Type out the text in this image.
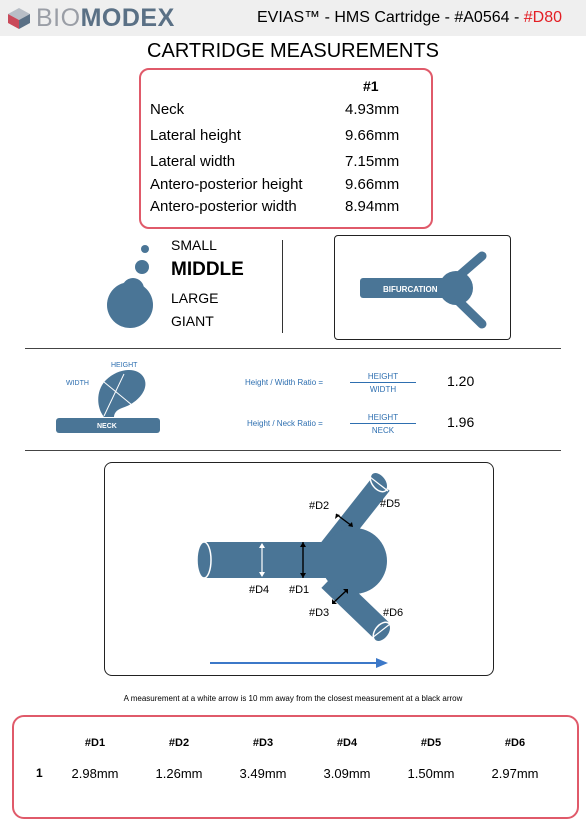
BIOMODEX	EVIAS™ - HMS Cartridge - #A0564 - #D80
CARTRIDGE MEASUREMENTS
#1
Neck	4.93mm
Lateral height	9.66mm
Lateral width	7.15mm
Antero-posterior height	9.66mm
Antero-posterior width	8.94mm
SMALL
MIDDLE
LARGE
GIANT
BIFURCATION
HEIGHT
WIDTH
NECK
Height / Width Ratio =
HEIGHT
WIDTH
1.20
Height / Neck Ratio =
HEIGHT
NECK
1.96
#D2	#D5
#D4 #D1
#D3	#D6
A measurement at a white arrow is 10 mm away from the closest measurement at a black arrow
#D1	#D2	#D3	#D4	#D5	#D6
1	2.98mm	1.26mm	3.49mm	3.09mm	1.50mm	2.97mm
